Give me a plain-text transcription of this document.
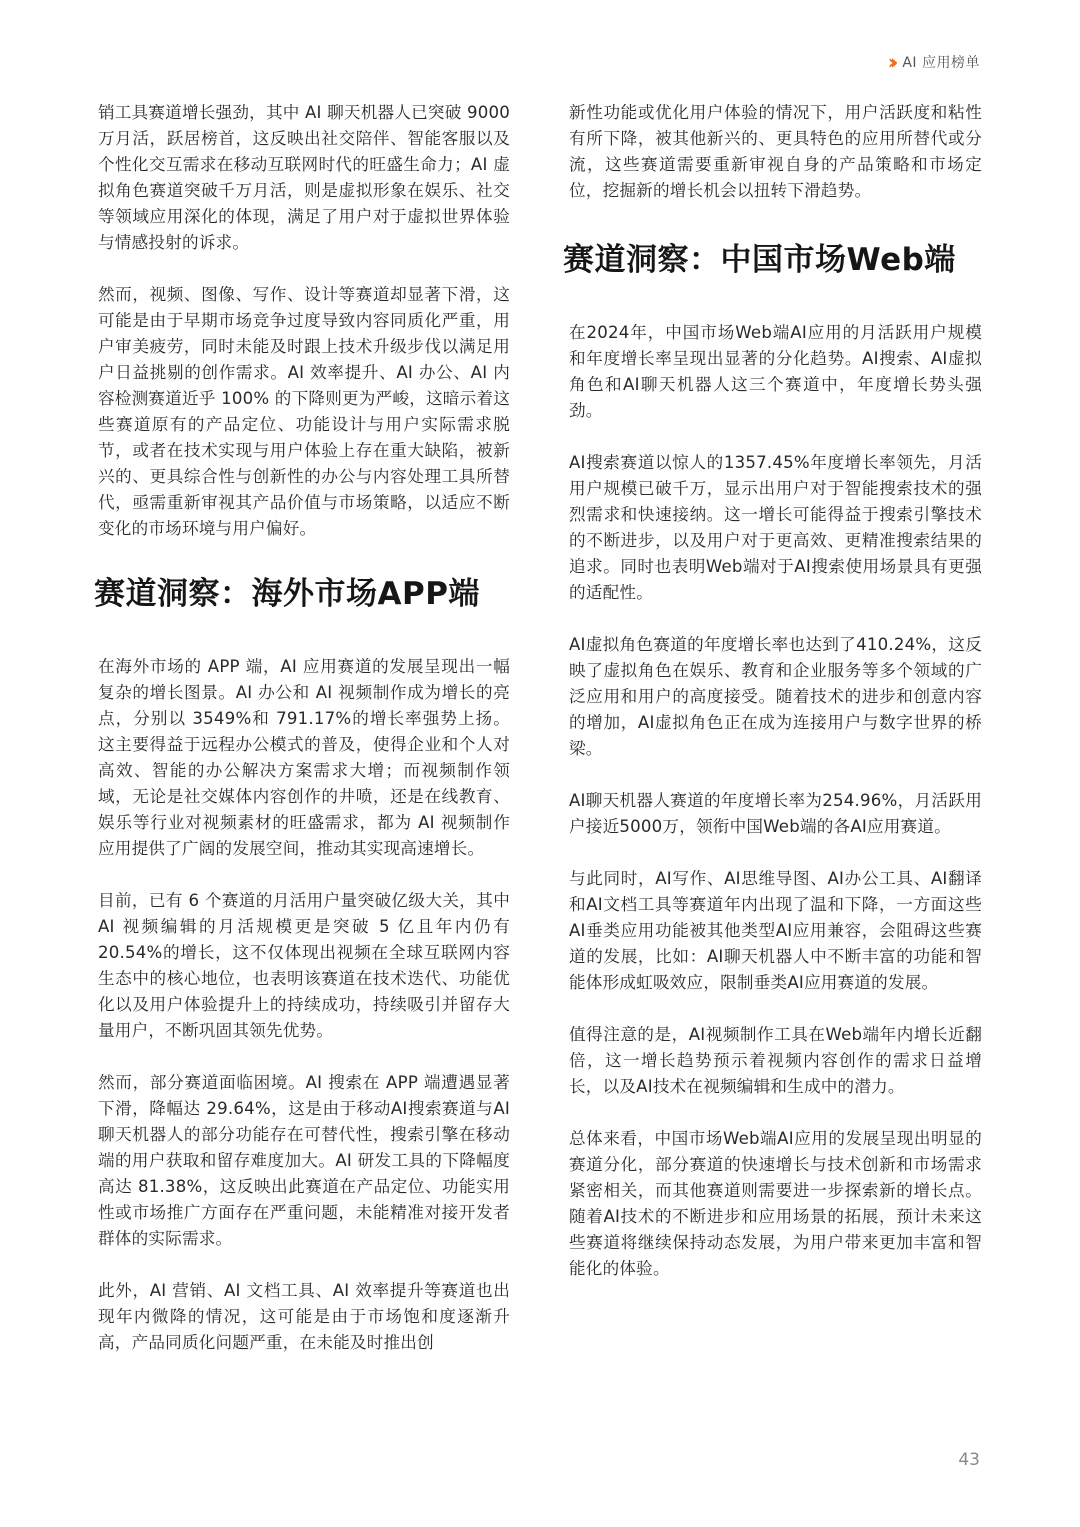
›› AI 应用榜单

销工具赛道增长强劲，其中 AI 聊天机器人已突破 9000 万月活，跃居榜首，这反映出社交陪伴、智能客服以及个性化交互需求在移动互联网时代的旺盛生命力；AI 虚拟角色赛道突破千万月活，则是虚拟形象在娱乐、社交等领域应用深化的体现，满足了用户对于虚拟世界体验与情感投射的诉求。

然而，视频、图像、写作、设计等赛道却显著下滑，这可能是由于早期市场竞争过度导致内容同质化严重，用户审美疲劳，同时未能及时跟上技术升级步伐以满足用户日益挑剔的创作需求。AI 效率提升、AI 办公、AI 内容检测赛道近乎 100% 的下降则更为严峻，这暗示着这些赛道原有的产品定位、功能设计与用户实际需求脱节，或者在技术实现与用户体验上存在重大缺陷，被新兴的、更具综合性与创新性的办公与内容处理工具所替代，亟需重新审视其产品价值与市场策略，以适应不断变化的市场环境与用户偏好。

赛道洞察：海外市场APP端

在海外市场的 APP 端，AI 应用赛道的发展呈现出一幅复杂的增长图景。AI 办公和 AI 视频制作成为增长的亮点，分别以 3549%和 791.17%的增长率强势上扬。这主要得益于远程办公模式的普及，使得企业和个人对高效、智能的办公解决方案需求大增；而视频制作领域，无论是社交媒体内容创作的井喷，还是在线教育、娱乐等行业对视频素材的旺盛需求，都为 AI 视频制作应用提供了广阔的发展空间，推动其实现高速增长。

目前，已有 6 个赛道的月活用户量突破亿级大关，其中 AI 视频编辑的月活规模更是突破 5 亿且年内仍有 20.54%的增长，这不仅体现出视频在全球互联网内容生态中的核心地位，也表明该赛道在技术迭代、功能优化以及用户体验提升上的持续成功，持续吸引并留存大量用户，不断巩固其领先优势。

然而，部分赛道面临困境。AI 搜索在 APP 端遭遇显著下滑，降幅达 29.64%，这是由于移动AI搜索赛道与AI聊天机器人的部分功能存在可替代性，搜索引擎在移动端的用户获取和留存难度加大。AI 研发工具的下降幅度高达 81.38%，这反映出此赛道在产品定位、功能实用性或市场推广方面存在严重问题，未能精准对接开发者群体的实际需求。

此外，AI 营销、AI 文档工具、AI 效率提升等赛道也出现年内微降的情况，这可能是由于市场饱和度逐渐升高，产品同质化问题严重，在未能及时推出创

新性功能或优化用户体验的情况下，用户活跃度和粘性有所下降，被其他新兴的、更具特色的应用所替代或分流，这些赛道需要重新审视自身的产品策略和市场定位，挖掘新的增长机会以扭转下滑趋势。

赛道洞察：中国市场Web端

在2024年，中国市场Web端AI应用的月活跃用户规模和年度增长率呈现出显著的分化趋势。AI搜索、AI虚拟角色和AI聊天机器人这三个赛道中，年度增长势头强劲。

AI搜索赛道以惊人的1357.45%年度增长率领先，月活用户规模已破千万，显示出用户对于智能搜索技术的强烈需求和快速接纳。这一增长可能得益于搜索引擎技术的不断进步，以及用户对于更高效、更精准搜索结果的追求。同时也表明Web端对于AI搜索使用场景具有更强的适配性。

AI虚拟角色赛道的年度增长率也达到了410.24%，这反映了虚拟角色在娱乐、教育和企业服务等多个领域的广泛应用和用户的高度接受。随着技术的进步和创意内容的增加，AI虚拟角色正在成为连接用户与数字世界的桥梁。

AI聊天机器人赛道的年度增长率为254.96%，月活跃用户接近5000万，领衔中国Web端的各AI应用赛道。

与此同时，AI写作、AI思维导图、AI办公工具、AI翻译和AI文档工具等赛道年内出现了温和下降，一方面这些AI垂类应用功能被其他类型AI应用兼容，会阻碍这些赛道的发展，比如：AI聊天机器人中不断丰富的功能和智能体形成虹吸效应，限制垂类AI应用赛道的发展。

值得注意的是，AI视频制作工具在Web端年内增长近翻倍，这一增长趋势预示着视频内容创作的需求日益增长，以及AI技术在视频编辑和生成中的潜力。

总体来看，中国市场Web端AI应用的发展呈现出明显的赛道分化，部分赛道的快速增长与技术创新和市场需求紧密相关，而其他赛道则需要进一步探索新的增长点。随着AI技术的不断进步和应用场景的拓展，预计未来这些赛道将继续保持动态发展，为用户带来更加丰富和智能化的体验。

43
